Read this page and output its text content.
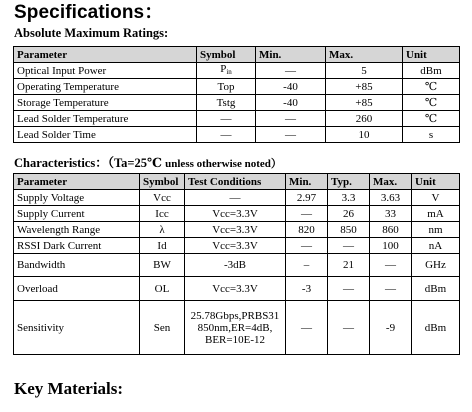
Specifications：
Absolute Maximum Ratings:
Parameter	Symbol	Min.	Max.	Unit
Optical Input Power	$P_{in}$	—	5	dBm
Operating Temperature	Top	-40	+85	℃
Storage Temperature	Tstg	-40	+85	℃
Lead Solder Temperature	—	—	260	℃
Lead Solder Time	—	—	10	s
Characteristics：（Ta=25℃ unless otherwise noted）
Parameter	Symbol	Test Conditions	Min.	Typ.	Max.	Unit
Supply Voltage	Vcc	—	2.97	3.3	3.63	V
Supply Current	Icc	Vcc=3.3V	—	26	33	mA
Wavelength Range	λ	Vcc=3.3V	820	850	860	nm
RSSI Dark Current	Id	Vcc=3.3V	—	—	100	nA
Bandwidth	BW	-3dB	–	21	—	GHz
Overload	OL	Vcc=3.3V	-3	—	—	dBm
Sensitivity	Sen	25.78Gbps,PRBS31
850nm,ER=4dB,
BER=10E-12	—	—	-9	dBm
Key Materials:
